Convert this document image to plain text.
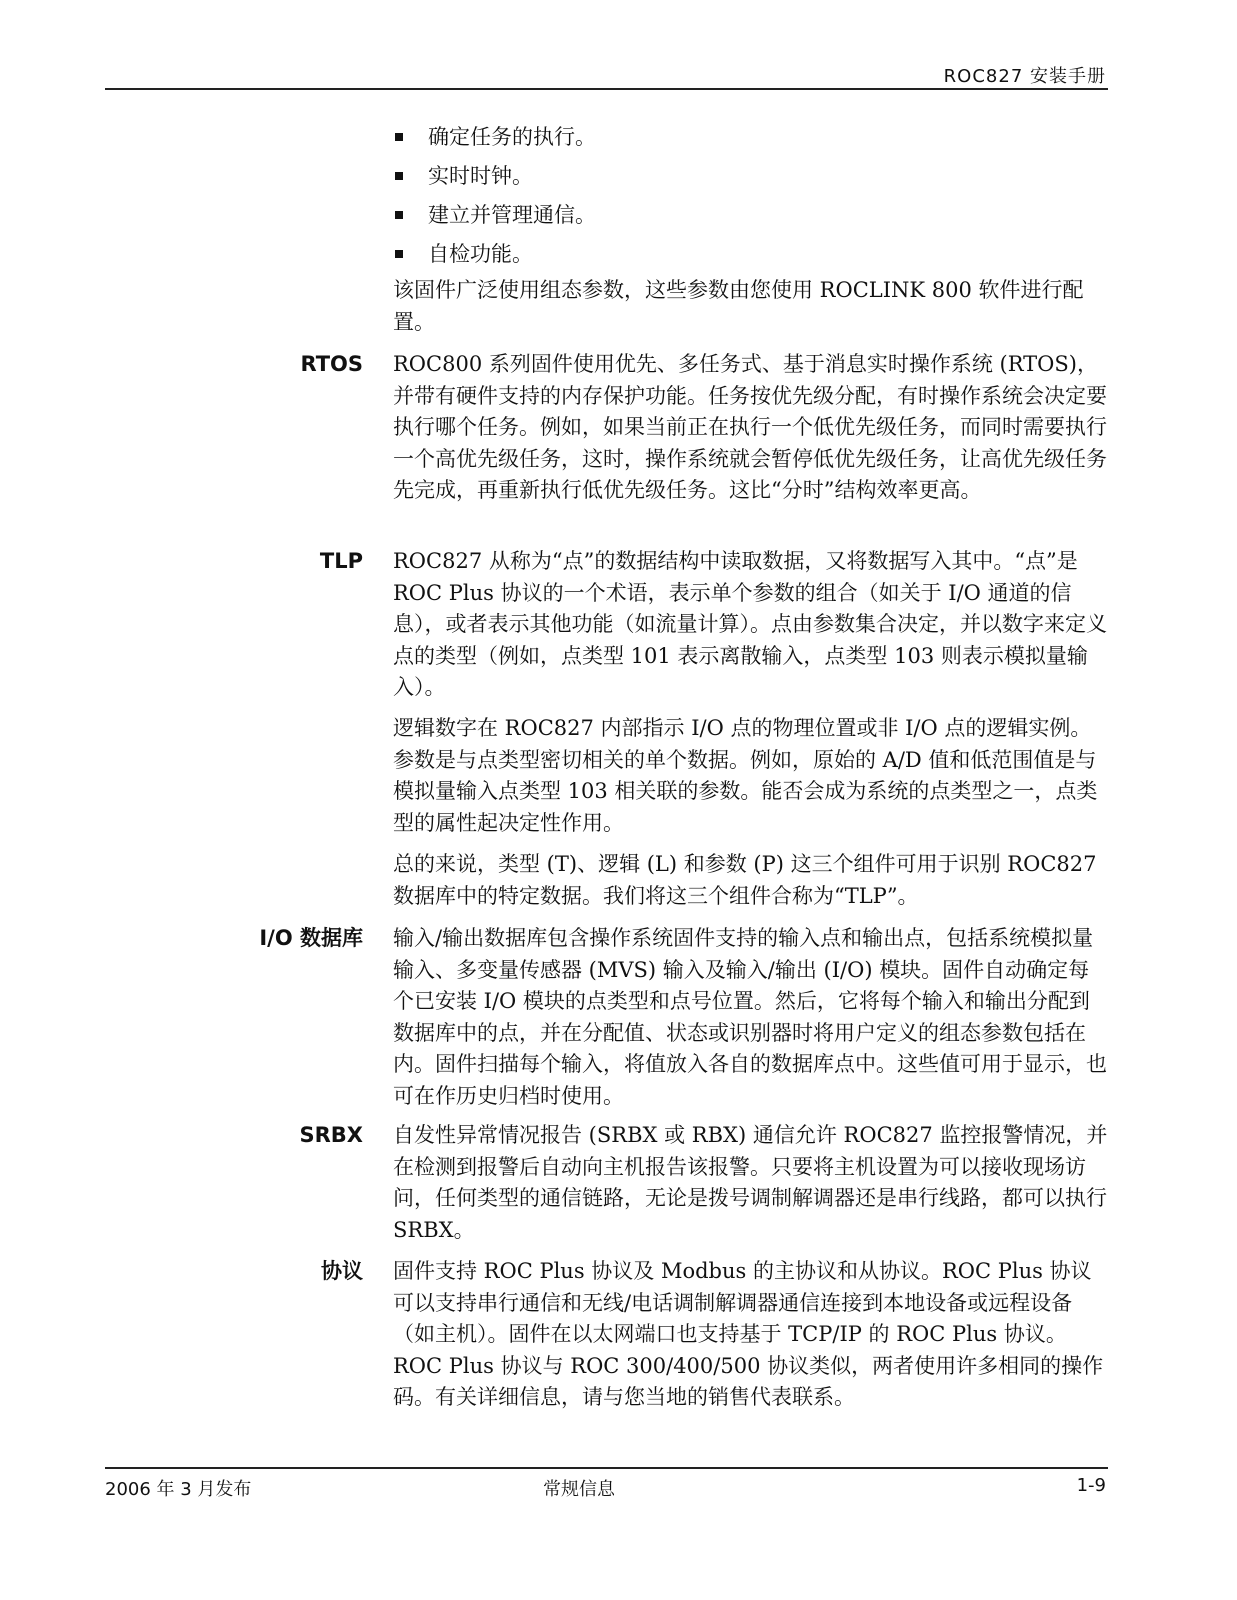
ROC827 安装手册
确定任务的执行。
实时时钟。
建立并管理通信。
自检功能。

该固件广泛使用组态参数，这些参数由您使用 ROCLINK 800 软件进行配置。

RTOS ROC800 系列固件使用优先、多任务式、基于消息实时操作系统 (RTOS)，并带有硬件支持的内存保护功能。任务按优先级分配，有时操作系统会决定要执行哪个任务。例如，如果当前正在执行一个低优先级任务，而同时需要执行一个高优先级任务，这时，操作系统就会暂停低优先级任务，让高优先级任务先完成，再重新执行低优先级任务。这比“分时”结构效率更高。

TLP ROC827 从称为“点”的数据结构中读取数据，又将数据写入其中。“点”是 ROC Plus 协议的一个术语，表示单个参数的组合（如关于 I/O 通道的信息），或者表示其他功能（如流量计算）。点由参数集合决定，并以数字来定义点的类型（例如，点类型 101 表示离散输入，点类型 103 则表示模拟量输入）。

逻辑数字在 ROC827 内部指示 I/O 点的物理位置或非 I/O 点的逻辑实例。参数是与点类型密切相关的单个数据。例如，原始的 A/D 值和低范围值是与模拟量输入点类型 103 相关联的参数。能否会成为系统的点类型之一，点类型的属性起决定性作用。

总的来说，类型 (T)、逻辑 (L) 和参数 (P) 这三个组件可用于识别 ROC827 数据库中的特定数据。我们将这三个组件合称为“TLP”。

I/O 数据库 输入/输出数据库包含操作系统固件支持的输入点和输出点，包括系统模拟量输入、多变量传感器 (MVS) 输入及输入/输出 (I/O) 模块。固件自动确定每个已安装 I/O 模块的点类型和点号位置。然后，它将每个输入和输出分配到数据库中的点，并在分配值、状态或识别器时将用户定义的组态参数包括在内。固件扫描每个输入，将值放入各自的数据库点中。这些值可用于显示，也可在作历史归档时使用。

SRBX 自发性异常情况报告 (SRBX 或 RBX) 通信允许 ROC827 监控报警情况，并在检测到报警后自动向主机报告该报警。只要将主机设置为可以接收现场访问，任何类型的通信链路，无论是拨号调制解调器还是串行线路，都可以执行 SRBX。

协议 固件支持 ROC Plus 协议及 Modbus 的主协议和从协议。ROC Plus 协议可以支持串行通信和无线/电话调制解调器通信连接到本地设备或远程设备（如主机）。固件在以太网端口也支持基于 TCP/IP 的 ROC Plus 协议。ROC Plus 协议与 ROC 300/400/500 协议类似，两者使用许多相同的操作码。有关详细信息，请与您当地的销售代表联系。

2006 年 3 月发布	常规信息	1-9
